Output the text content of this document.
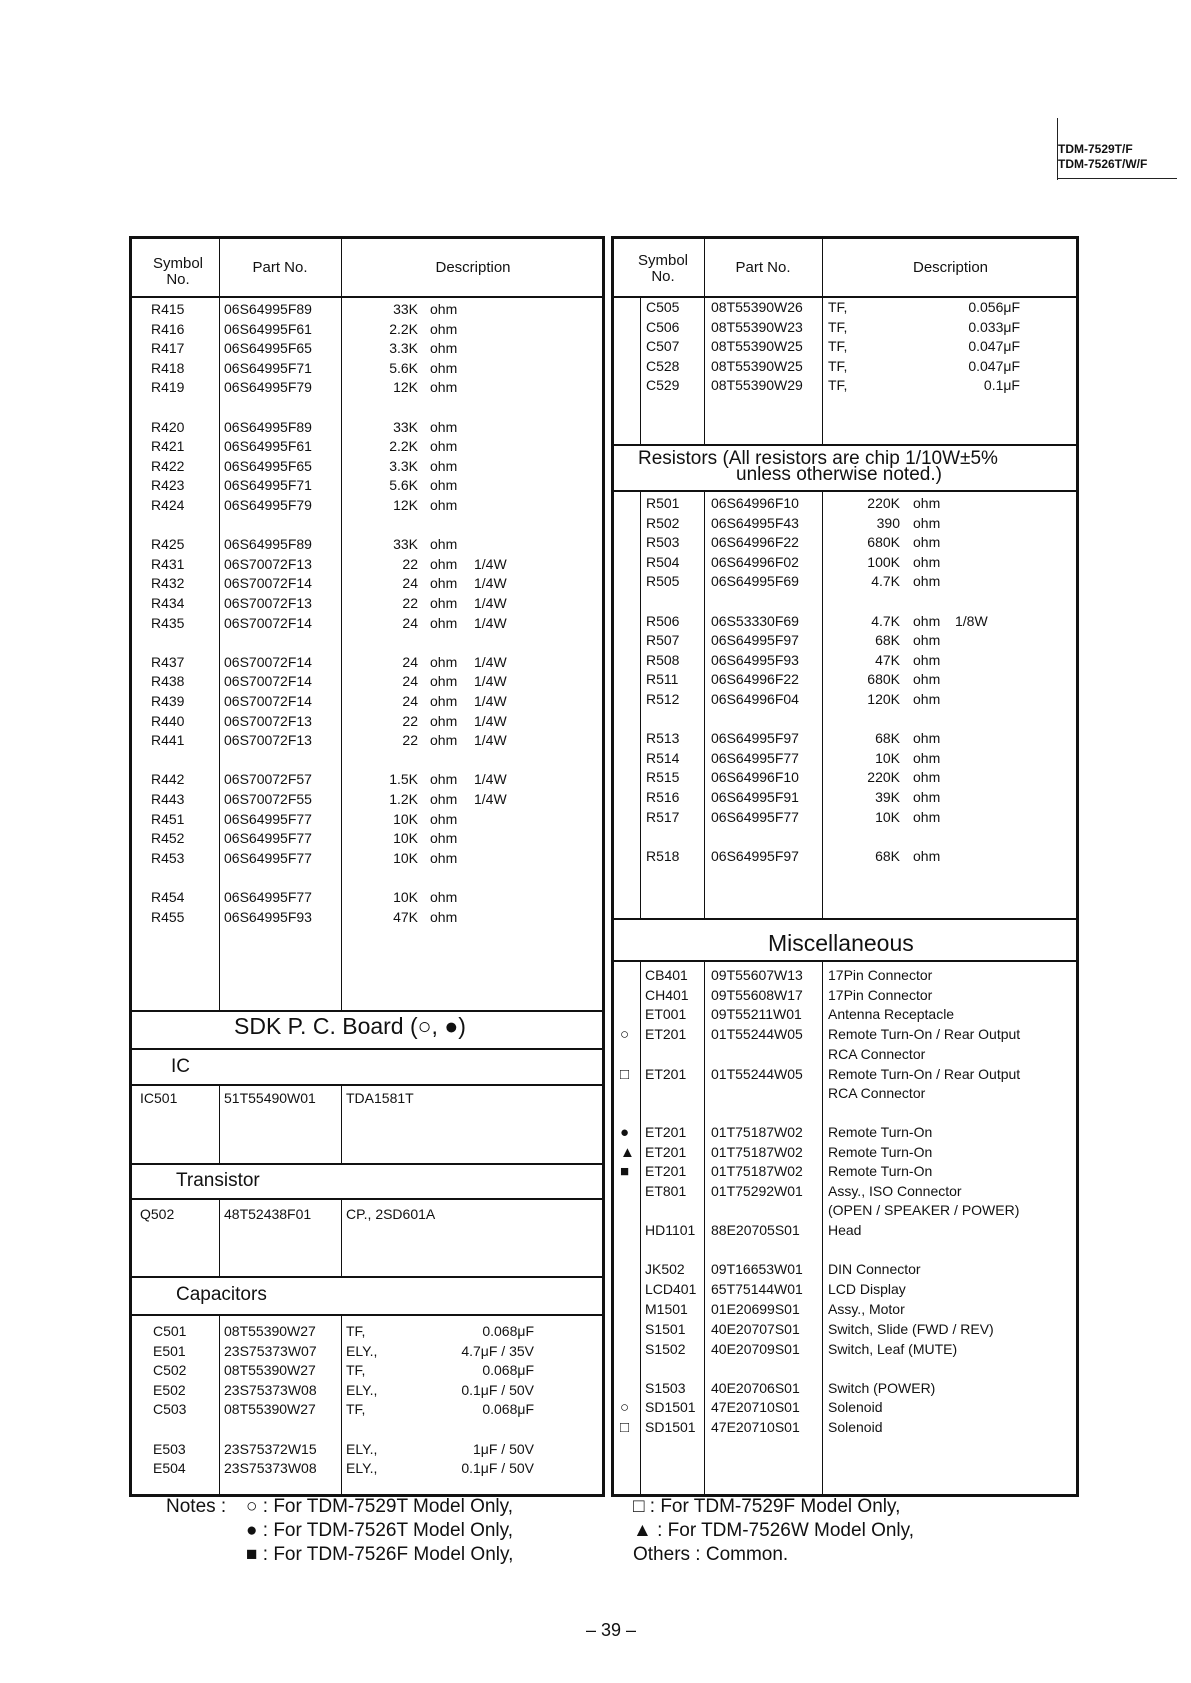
TDM-7529T/F
TDM-7526T/W/F
Symbol No.
Part No.	Description
R415	06S64995F89	33K ohm
R416	06S64995F61	2.2K ohm
R417	06S64995F65	3.3K ohm
R418	06S64995F71	5.6K ohm
R419	06S64995F79	12K ohm
R420	06S64995F89	33K ohm
R421	06S64995F61	2.2K ohm
R422	06S64995F65	3.3K ohm
R423	06S64995F71	5.6K ohm
R424	06S64995F79	12K ohm
R425	06S64995F89	33K ohm
R431	06S70072F13	22 ohm 1/4W
R432	06S70072F14	24 ohm 1/4W
R434	06S70072F13	22 ohm 1/4W
R435	06S70072F14	24 ohm 1/4W
R437	06S70072F14	24 ohm 1/4W
R438	06S70072F14	24 ohm 1/4W
R439	06S70072F14	24 ohm 1/4W
R440	06S70072F13	22 ohm 1/4W
R441	06S70072F13	22 ohm 1/4W
R442	06S70072F57	1.5K ohm 1/4W
R443	06S70072F55	1.2K ohm 1/4W
R451	06S64995F77	10K ohm
R452	06S64995F77	10K ohm
R453	06S64995F77	10K ohm
R454	06S64995F77	10K ohm
R455	06S64995F93	47K ohm
SDK P. C. Board (○, ●)
IC
IC501	51T55490W01 TDA1581T
Transistor
Q502	48T52438F01 CP., 2SD601A
Capacitors
C501	08T55390W27 TF,	0.068μF
E501	23S75373W07 ELY.,	4.7μF / 35V
C502	08T55390W27 TF,	0.068μF
E502	23S75373W08 ELY.,	0.1μF / 50V
C503	08T55390W27 TF,	0.068μF
E503	23S75372W15 ELY.,	1μF / 50V
E504	23S75373W08 ELY.,	0.1μF / 50V
Symbol No.
Part No.	Description
C505 08T55390W26 TF,	0.056μF
C506 08T55390W23 TF,	0.033μF
C507 08T55390W25 TF,	0.047μF
C528 08T55390W25 TF,	0.047μF
C529 08T55390W29 TF,	0.1μF
Resistors (All resistors are chip 1/10W±5%
unless otherwise noted.)
R501 06S64996F10	220K ohm
R502 06S64995F43	390 ohm
R503 06S64996F22	680K ohm
R504 06S64996F02	100K ohm
R505 06S64995F69	4.7K ohm
R506 06S53330F69	4.7K ohm 1/8W
R507 06S64995F97	68K ohm
R508 06S64995F93	47K ohm
R511 06S64996F22	680K ohm
R512 06S64996F04	120K ohm
R513 06S64995F97	68K ohm
R514 06S64995F77	10K ohm
R515 06S64996F10	220K ohm
R516 06S64995F91	39K ohm
R517 06S64995F77	10K ohm
R518 06S64995F97	68K ohm
Miscellaneous
CB401 09T55607W13 17Pin Connector
CH401 09T55608W17 17Pin Connector
ET001 09T55211W01 Antenna Receptacle
○ ET201 01T55244W05 Remote Turn-On / Rear Output
RCA Connector
□ ET201 01T55244W05 Remote Turn-On / Rear Output
RCA Connector
● ET201 01T75187W02 Remote Turn-On
▲ ET201 01T75187W02 Remote Turn-On
■ ET201 01T75187W02 Remote Turn-On
ET801 01T75292W01 Assy., ISO Connector
(OPEN / SPEAKER / POWER)
HD1101 88E20705S01 Head
JK502 09T16653W01 DIN Connector
LCD401 65T75144W01 LCD Display
M1501 01E20699S01 Assy., Motor
S1501 40E20707S01 Switch, Slide (FWD / REV)
S1502 40E20709S01 Switch, Leaf (MUTE)
S1503 40E20706S01 Switch (POWER)
○ SD1501 47E20710S01 Solenoid
□ SD1501 47E20710S01 Solenoid
Notes : ○ : For TDM-7529T Model Only,
● : For TDM-7526T Model Only,
■ : For TDM-7526F Model Only,
□ : For TDM-7529F Model Only,
▲ : For TDM-7526W Model Only,
Others : Common.
– 39 –
